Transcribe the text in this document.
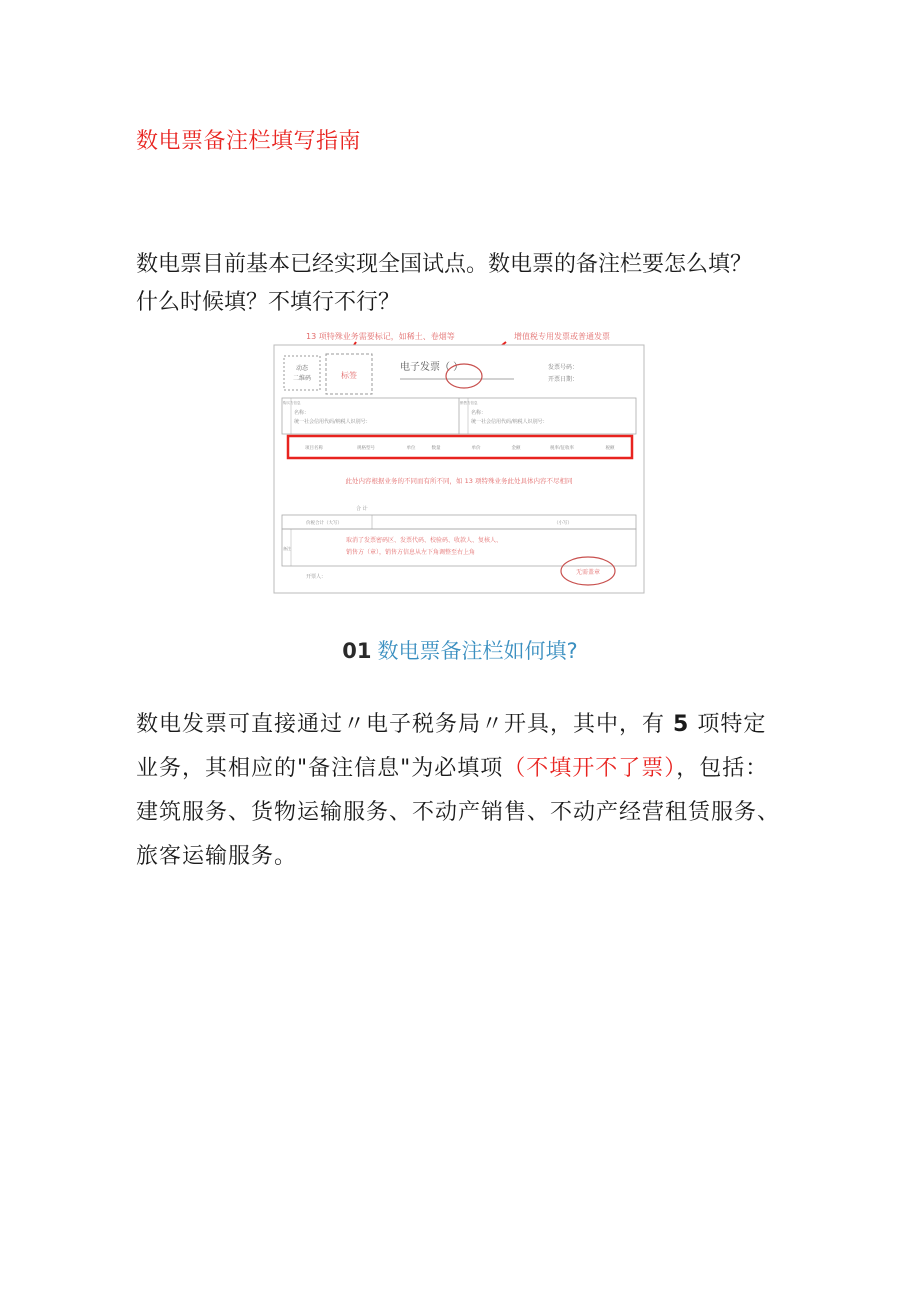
数电票备注栏填写指南
数电票目前基本已经实现全国试点。数电票的备注栏要怎么填？什么时候填？不填行不行？
13 项特殊业务需要标记，如稀土、卷烟等	增值税专用发票或普通发票
动态
二维码	标签
电子发票（ ）	发票号码：
开票日期：
购买方信息
名称：
统一社会信用代码/纳税人识别号：
销售方信息
名称：
统一社会信用代码/纳税人识别号：
项目名称	规格型号	单位	数量	单价	金额	税率/征收率	税额
此处内容根据业务的不同而有所不同，如 13 项特殊业务此处具体内容不尽相同
合 计
价税合计（大写）	（小写）
备注
取消了发票密码区、发票代码、校验码、收款人、复核人、
销售方（章），销售方信息从左下角调整至右上角
开票人：
无需盖章
01 数电票备注栏如何填?
数电发票可直接通过〃电子税务局〃开具，其中，有 5 项特定业务，其相应的"备注信息"为必填项（不填开不了票），包括：建筑服务、货物运输服务、不动产销售、不动产经营租赁服务、旅客运输服务。
